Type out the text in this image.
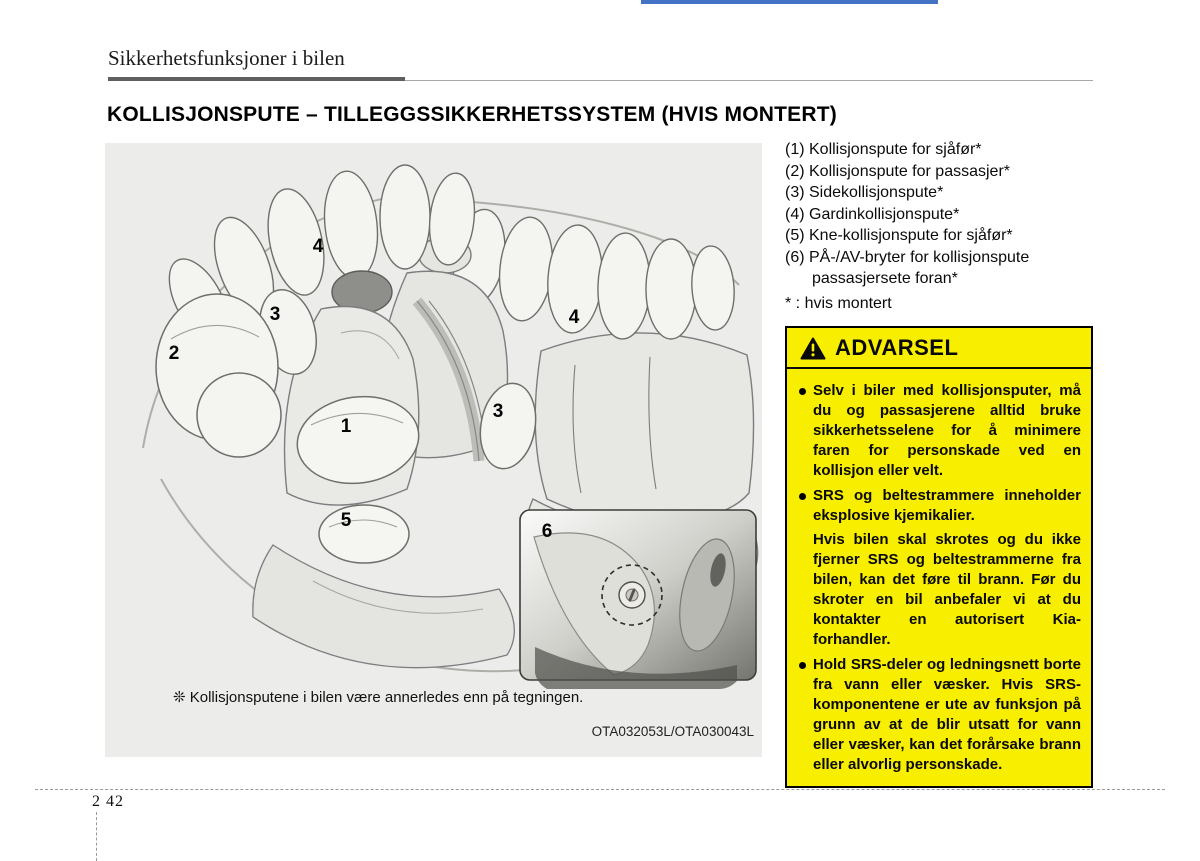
Sikkerhetsfunksjoner i bilen
KOLLISJONSPUTE – TILLEGGSSIKKERHETSSYSTEM (HVIS MONTERT)
4
3
2
1
5
4
3
6
❊ Kollisjonsputene i bilen være annerledes enn på tegningen.
OTA032053L/OTA030043L
(1) Kollisjonspute for sjåfør*
(2) Kollisjonspute for passasjer*
(3) Sidekollisjonspute*
(4) Gardinkollisjonspute*
(5) Kne-kollisjonspute for sjåfør*
(6) PÅ-/AV-bryter for kollisjonspute passasjersete foran*
* : hvis montert
ADVARSEL

Selv i biler med kollisjonsputer, må du og passasjerene alltid bruke sikkerhetsselene for å minimere faren for personskade ved en kollisjon eller velt.

SRS og beltestrammere inneholder eksplosive kjemikalier.

Hvis bilen skal skrotes og du ikke fjerner SRS og beltestrammerne fra bilen, kan det føre til brann. Før du skroter en bil anbefaler vi at du kontakter en autorisert Kia-forhandler.

Hold SRS-deler og ledningsnett borte fra vann eller væsker. Hvis SRS-komponentene er ute av funksjon på grunn av at de blir utsatt for vann eller væsker, kan det forårsake brann eller alvorlig personskade.

2 42
